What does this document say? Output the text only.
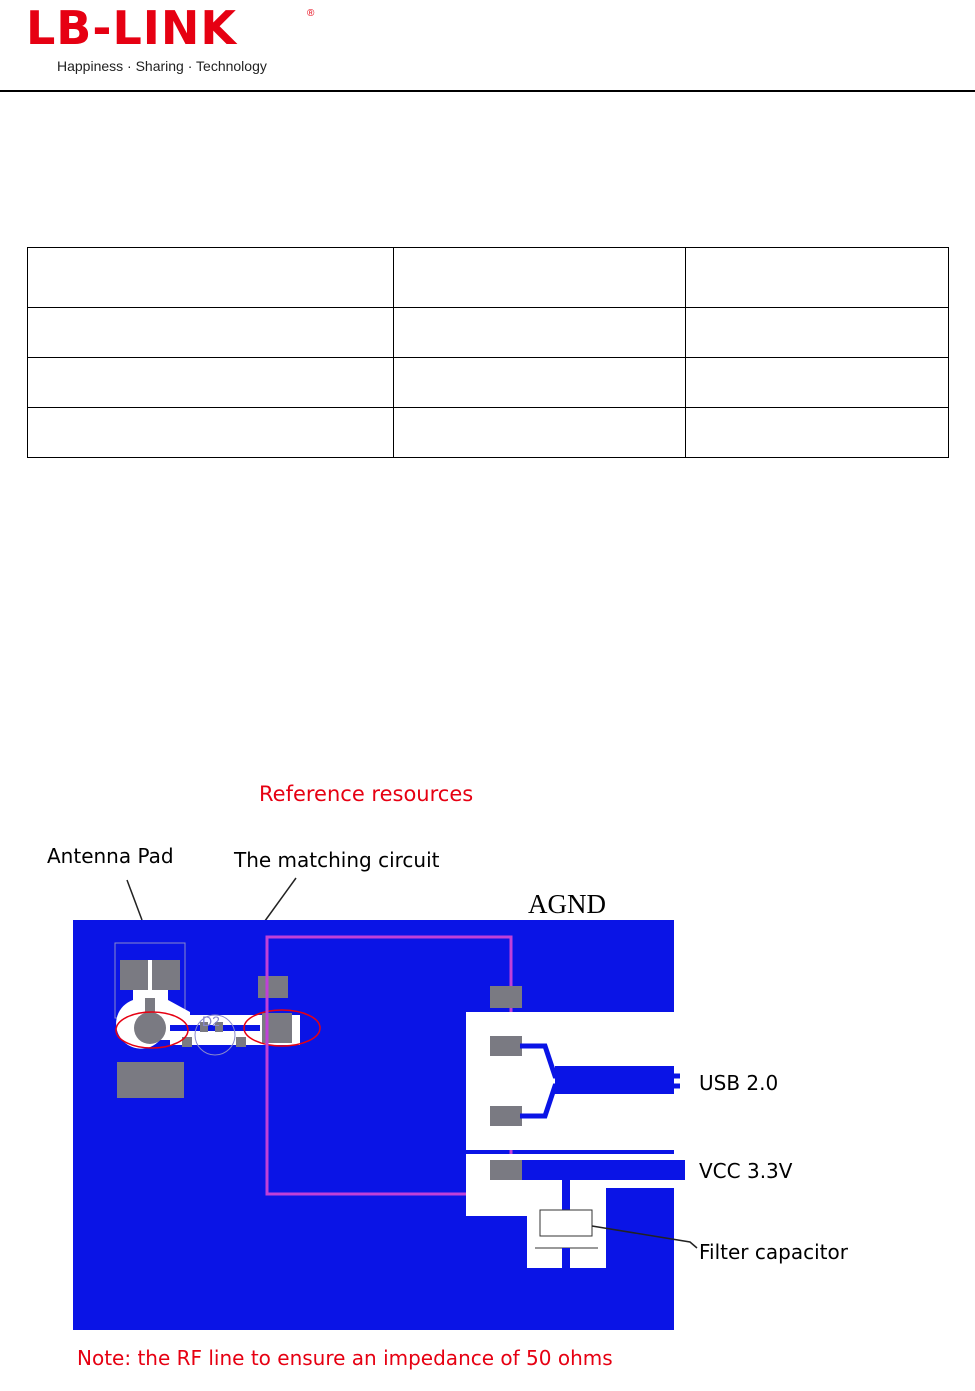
LB-LINK	®
Happiness · Sharing · Technology

Reference resources
Antenna Pad	The matching circuit
AGND
USB 2.0
VCC 3.3V
Filter capacitor
D2
Note: the RF line to ensure an impedance of 50 ohms
